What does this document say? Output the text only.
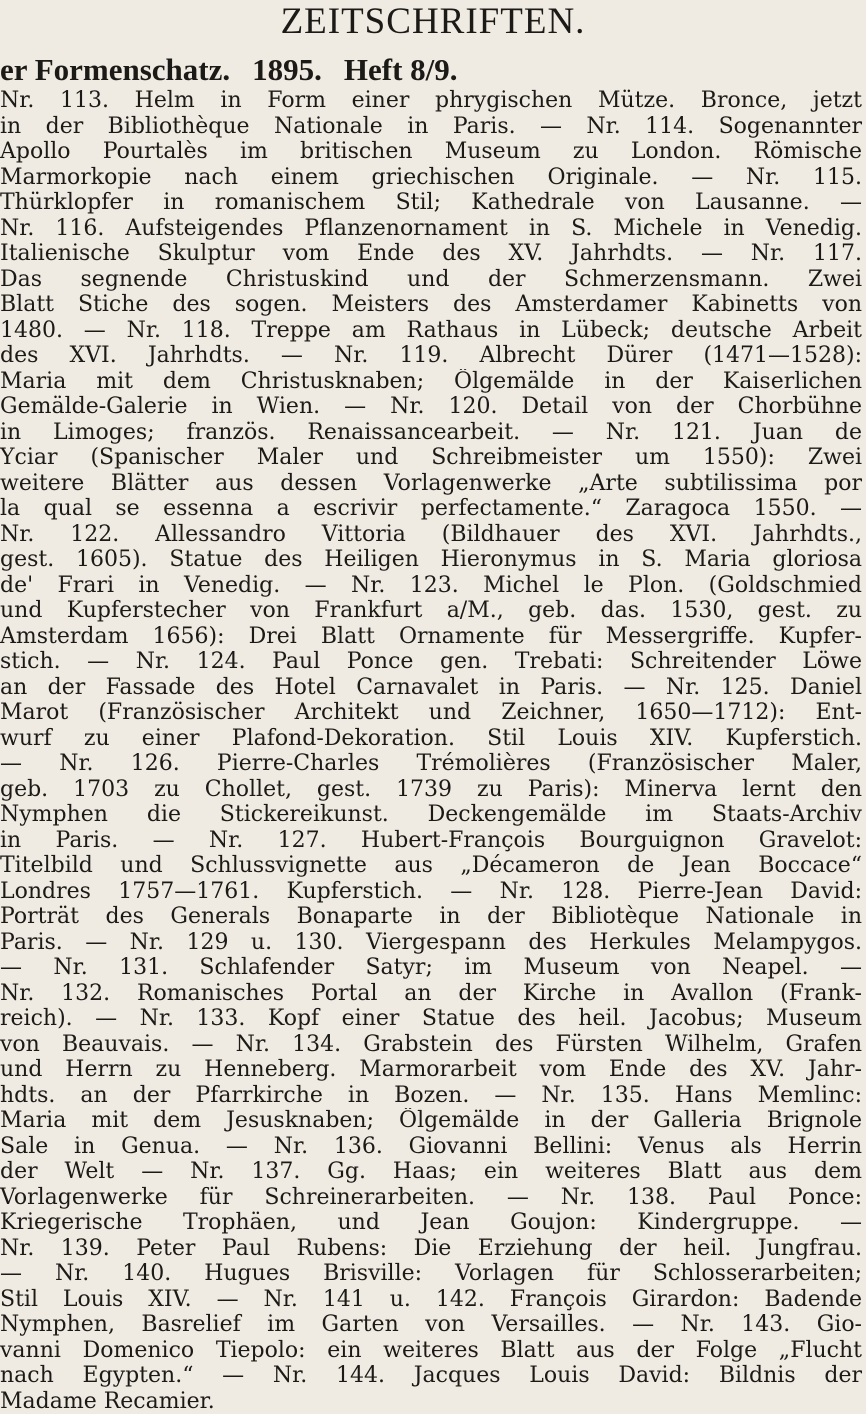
ZEITSCHRIFTEN.
er Formenschatz. 1895. Heft 8/9.
Nr. 113. Helm in Form einer phrygischen Mütze. Bronce, jetzt
in der Bibliothèque Nationale in Paris. — Nr. 114. Sogenannter
Apollo Pourtalès im britischen Museum zu London. Römische
Marmorkopie nach einem griechischen Originale. — Nr. 115.
Thürklopfer in romanischem Stil; Kathedrale von Lausanne. —
Nr. 116. Aufsteigendes Pflanzenornament in S. Michele in Venedig.
Italienische Skulptur vom Ende des XV. Jahrhdts. — Nr. 117.
Das segnende Christuskind und der Schmerzensmann. Zwei
Blatt Stiche des sogen. Meisters des Amsterdamer Kabinetts von
1480. — Nr. 118. Treppe am Rathaus in Lübeck; deutsche Arbeit
des XVI. Jahrhdts. — Nr. 119. Albrecht Dürer (1471—1528):
Maria mit dem Christusknaben; Ölgemälde in der Kaiserlichen
Gemälde-Galerie in Wien. — Nr. 120. Detail von der Chorbühne
in Limoges; französ. Renaissancearbeit. — Nr. 121. Juan de
Yciar (Spanischer Maler und Schreibmeister um 1550): Zwei
weitere Blätter aus dessen Vorlagenwerke „Arte subtilissima por
la qual se essenna a escrivir perfectamente.“ Zaragoca 1550. —
Nr. 122. Allessandro Vittoria (Bildhauer des XVI. Jahrhdts.,
gest. 1605). Statue des Heiligen Hieronymus in S. Maria gloriosa
de' Frari in Venedig. — Nr. 123. Michel le Plon. (Goldschmied
und Kupferstecher von Frankfurt a/M., geb. das. 1530, gest. zu
Amsterdam 1656): Drei Blatt Ornamente für Messergriffe. Kupfer-
stich. — Nr. 124. Paul Ponce gen. Trebati: Schreitender Löwe
an der Fassade des Hotel Carnavalet in Paris. — Nr. 125. Daniel
Marot (Französischer Architekt und Zeichner, 1650—1712): Ent-
wurf zu einer Plafond-Dekoration. Stil Louis XIV. Kupferstich.
— Nr. 126. Pierre-Charles Trémolières (Französischer Maler,
geb. 1703 zu Chollet, gest. 1739 zu Paris): Minerva lernt den
Nymphen die Stickereikunst. Deckengemälde im Staats-Archiv
in Paris. — Nr. 127. Hubert-François Bourguignon Gravelot:
Titelbild und Schlussvignette aus „Décameron de Jean Boccace“
Londres 1757—1761. Kupferstich. — Nr. 128. Pierre-Jean David:
Porträt des Generals Bonaparte in der Bibliotèque Nationale in
Paris. — Nr. 129 u. 130. Viergespann des Herkules Melampygos.
— Nr. 131. Schlafender Satyr; im Museum von Neapel. —
Nr. 132. Romanisches Portal an der Kirche in Avallon (Frank-
reich). — Nr. 133. Kopf einer Statue des heil. Jacobus; Museum
von Beauvais. — Nr. 134. Grabstein des Fürsten Wilhelm, Grafen
und Herrn zu Henneberg. Marmorarbeit vom Ende des XV. Jahr-
hdts. an der Pfarrkirche in Bozen. — Nr. 135. Hans Memlinc:
Maria mit dem Jesusknaben; Ölgemälde in der Galleria Brignole
Sale in Genua. — Nr. 136. Giovanni Bellini: Venus als Herrin
der Welt — Nr. 137. Gg. Haas; ein weiteres Blatt aus dem
Vorlagenwerke für Schreinerarbeiten. — Nr. 138. Paul Ponce:
Kriegerische Trophäen, und Jean Goujon: Kindergruppe. —
Nr. 139. Peter Paul Rubens: Die Erziehung der heil. Jungfrau.
— Nr. 140. Hugues Brisville: Vorlagen für Schlosserarbeiten;
Stil Louis XIV. — Nr. 141 u. 142. François Girardon: Badende
Nymphen, Basrelief im Garten von Versailles. — Nr. 143. Gio-
vanni Domenico Tiepolo: ein weiteres Blatt aus der Folge „Flucht
nach Egypten.“ — Nr. 144. Jacques Louis David: Bildnis der
Madame Recamier.
